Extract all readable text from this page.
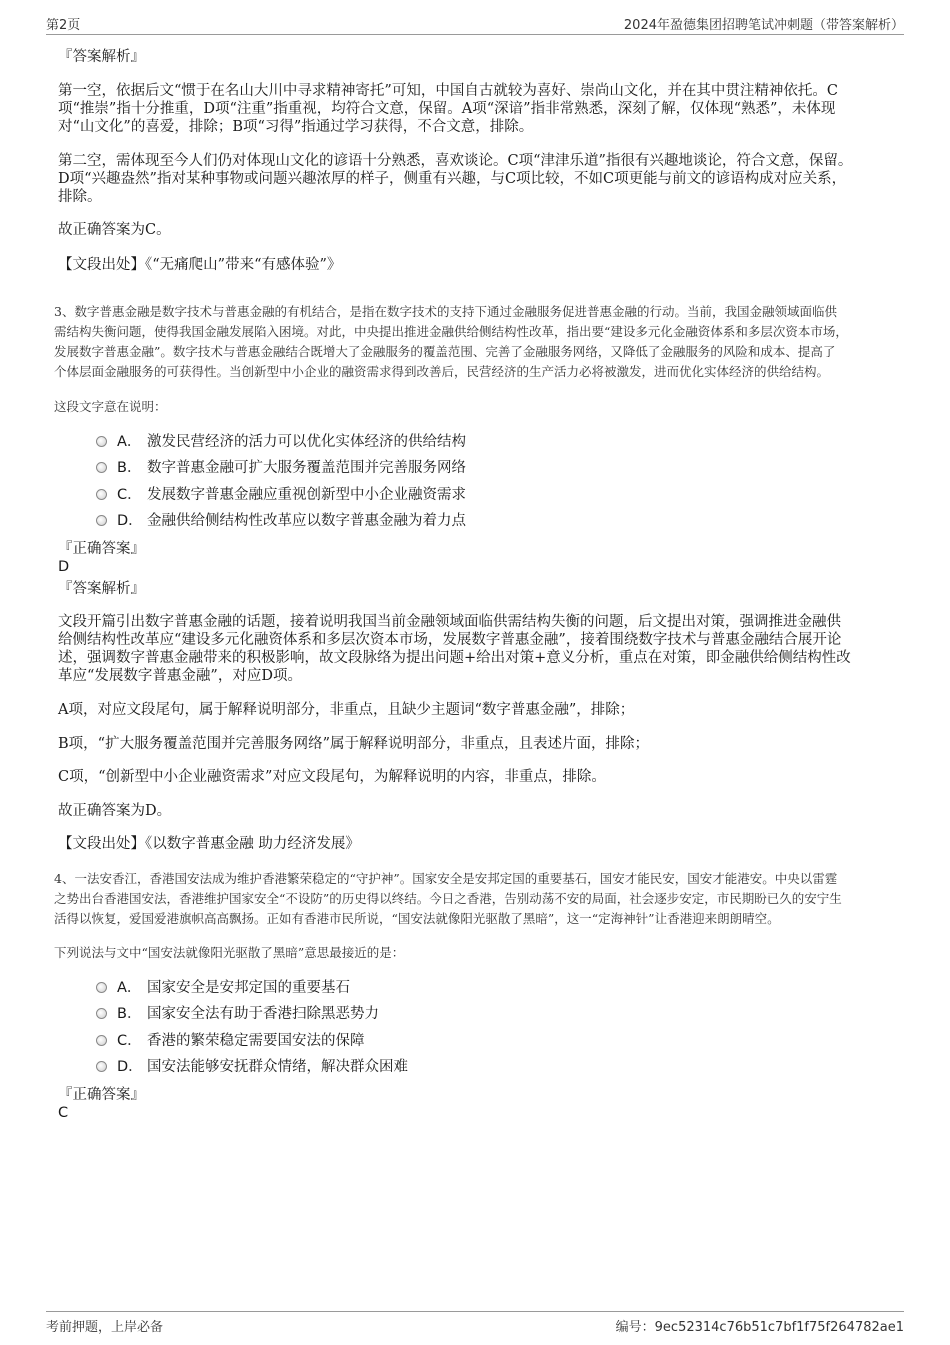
第2页	2024年盈德集团招聘笔试冲刺题（带答案解析）
『答案解析』
第一空，依据后文“惯于在名山大川中寻求精神寄托”可知，中国自古就较为喜好、崇尚山文化，并在其中贯注精神依托。C
项“推崇”指十分推重，D项“注重”指重视，均符合文意，保留。A项“深谙”指非常熟悉，深刻了解，仅体现“熟悉”，未体现
对“山文化”的喜爱，排除；B项“习得”指通过学习获得，不合文意，排除。
第二空，需体现至今人们仍对体现山文化的谚语十分熟悉，喜欢谈论。C项“津津乐道”指很有兴趣地谈论，符合文意，保留。
D项“兴趣盎然”指对某种事物或问题兴趣浓厚的样子，侧重有兴趣，与C项比较，不如C项更能与前文的谚语构成对应关系，
排除。
故正确答案为C。
【文段出处】《“无痛爬山”带来“有感体验”》
3、数字普惠金融是数字技术与普惠金融的有机结合，是指在数字技术的支持下通过金融服务促进普惠金融的行动。当前，我国金融领域面临供
需结构失衡问题，使得我国金融发展陷入困境。对此，中央提出推进金融供给侧结构性改革，指出要“建设多元化金融资体系和多层次资本市场，
发展数字普惠金融”。数字技术与普惠金融结合既增大了金融服务的覆盖范围、完善了金融服务网络，又降低了金融服务的风险和成本、提高了
个体层面金融服务的可获得性。当创新型中小企业的融资需求得到改善后，民营经济的生产活力必将被激发，进而优化实体经济的供给结构。
这段文字意在说明：
A． 激发民营经济的活力可以优化实体经济的供给结构
B． 数字普惠金融可扩大服务覆盖范围并完善服务网络
C． 发展数字普惠金融应重视创新型中小企业融资需求
D． 金融供给侧结构性改革应以数字普惠金融为着力点
『正确答案』
D
『答案解析』
文段开篇引出数字普惠金融的话题，接着说明我国当前金融领域面临供需结构失衡的问题，后文提出对策，强调推进金融供
给侧结构性改革应“建设多元化融资体系和多层次资本市场，发展数字普惠金融”，接着围绕数字技术与普惠金融结合展开论
述，强调数字普惠金融带来的积极影响，故文段脉络为提出问题+给出对策+意义分析，重点在对策，即金融供给侧结构性改
革应“发展数字普惠金融”，对应D项。
A项，对应文段尾句，属于解释说明部分，非重点，且缺少主题词“数字普惠金融”，排除；
B项，“扩大服务覆盖范围并完善服务网络”属于解释说明部分，非重点，且表述片面，排除；
C项，“创新型中小企业融资需求”对应文段尾句，为解释说明的内容，非重点，排除。
故正确答案为D。
【文段出处】《以数字普惠金融 助力经济发展》
4、一法安香江，香港国安法成为维护香港繁荣稳定的“守护神”。国家安全是安邦定国的重要基石，国安才能民安，国安才能港安。中央以雷霆
之势出台香港国安法，香港维护国家安全“不设防”的历史得以终结。今日之香港，告别动荡不安的局面，社会逐步安定，市民期盼已久的安宁生
活得以恢复，爱国爱港旗帜高高飘扬。正如有香港市民所说，“国安法就像阳光驱散了黑暗”，这一“定海神针”让香港迎来朗朗晴空。
下列说法与文中“国安法就像阳光驱散了黑暗”意思最接近的是：
A． 国家安全是安邦定国的重要基石
B． 国家安全法有助于香港扫除黑恶势力
C． 香港的繁荣稳定需要国安法的保障
D． 国安法能够安抚群众情绪，解决群众困难
『正确答案』
C
考前押题，上岸必备	编号：9ec52314c76b51c7bf1f75f264782ae1
